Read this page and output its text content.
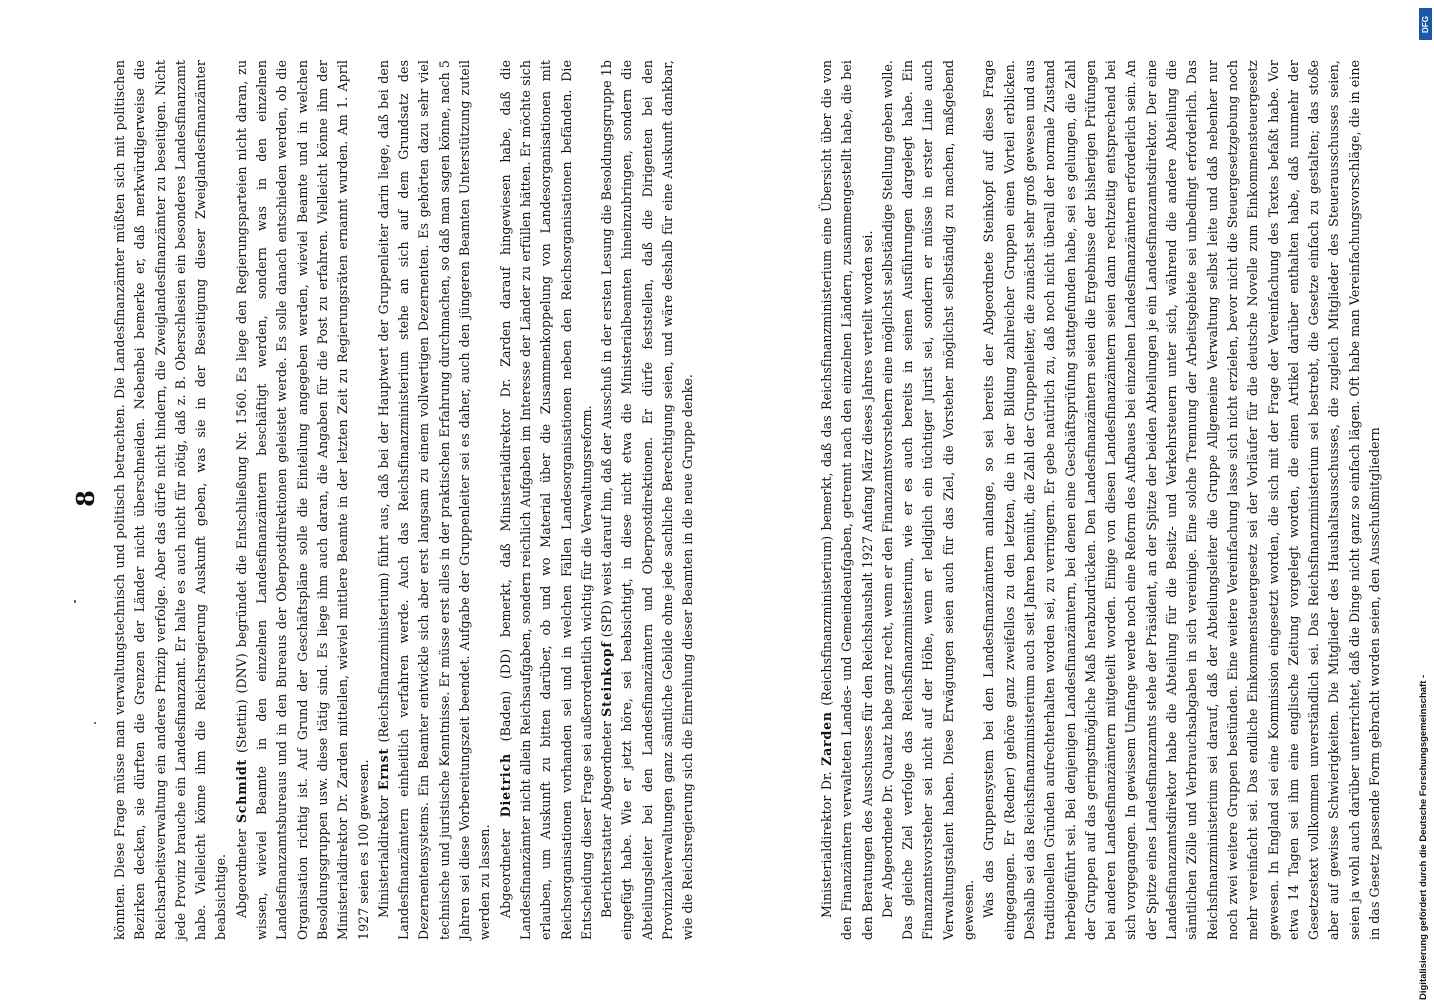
könnten. Diese Frage müsse man verwaltungstechnisch und politisch betrachten. Die Landesfinanzämter müßten sich mit politischen Bezirken decken, sie dürften die Grenzen der Länder nicht überschneiden. Nebenbei bemerke er, daß merkwürdigerweise die Reichsarbeitsverwaltung ein anderes Prinzip verfolge. Aber das dürfe nicht hindern, die Zweiglandesfinanzämter zu beseitigen. Nicht jede Provinz brauche ein Landesfinanzamt. Er halte es auch nicht für nötig, daß z. B. Oberschlesien ein besonderes Landesfinanzamt habe. Vielleicht könne ihm die Reichsregierung Auskunft geben, was sie in der Beseitigung dieser Zweiglandesfinanzämter beabsichtige. Abgeordneter Schmidt (Stettin) (DNV) begründet die Entschließung Nr. 1560. Es liege den Regierungsparteien nicht daran, zu wissen, wieviel Beamte in den einzelnen Landesfinanzämtern beschäftigt werden, sondern was in den einzelnen Landesfinanzamtsbureaus und in den Bureaus der Oberpostdirektionen geleistet werde. Es solle danach entschieden werden, ob die Organisation richtig ist. Auf Grund der Geschäftspläne solle die Einteilung angegeben werden, wieviel Beamte und in welchen Besoldungsgruppen usw. diese tätig sind. Es liege ihm auch daran, die Angaben für die Post zu erfahren. Vielleicht könne ihm der Ministerialdirektor Dr. Zarden mitteilen, wieviel mittlere Beamte in der letzten Zeit zu Regierungsräten ernannt wurden. Am 1. April 1927 seien es 100 gewesen. Ministerialdirektor Ernst (Reichsfinanzministerium) führt aus, daß bei der Hauptwert der Gruppenleiter darin liege, daß bei den Landesfinanzämtern einheitlich verfahren werde. Auch das Reichsfinanzministerium stehe an sich auf dem Grundsatz des Dezernentensystems. Ein Beamter entwickle sich aber erst langsam zu einem vollwertigen Dezernenten. Es gehörten dazu sehr viel technische und juristische Kenntnisse. Er müsse erst alles in der praktischen Erfahrung durchmachen, so daß man sagen könne, nach 5 Jahren sei diese Vorbereitungszeit beendet. Aufgabe der Gruppenleiter sei es daher, auch den jüngeren Beamten Unterstützung zuteil werden zu lassen. Abgeordneter Dietrich (Baden) (DD) bemerkt, daß Ministerialdirektor Dr. Zarden darauf hingewiesen habe, daß die Landesfinanzämter nicht allein Reichsaufgaben, sondern reichlich Aufgaben im Interesse der Länder zu erfüllen hätten. Er möchte sich erlauben, um Auskunft zu bitten darüber, ob und wo Material über die Zusammenkoppelung von Landesorganisationen mit Reichsorganisationen vorhanden sei und in welchen Fällen Landesorganisationen neben den Reichsorganisationen befänden. Die Entscheidung dieser Frage sei außerordentlich wichtig für die Verwaltungsreform. Berichterstatter Abgeordneter Steinkopf (SPD) weist darauf hin, daß der Ausschuß in der ersten Lesung die Besoldungsgruppe 1b eingefügt habe. Wie er jetzt höre, sei beabsichtigt, in diese nicht etwa die Ministerialbeamten hineinzubringen, sondern die Abteilungsleiter bei den Landesfinanzämtern und Oberpostdirektionen. Er dürfe feststellen, daß die Dirigenten bei den Provinzialverwaltungen ganz sämtliche Gebilde ohne jede sachliche Berechtigung seien, und wäre deshalb für eine Auskunft dankbar, wie die Reichsregierung sich die Einreihung dieser Beamten in die neue Gruppe denke.

8

Ministerialdirektor Dr. Zarden (Reichsfinanzministerium) bemerkt, daß das Reichsfinanzministerium eine Übersicht über die von den Finanzämtern verwalteten Landes- und Gemeindeaufgaben, getrennt nach den einzelnen Ländern, zusammengestellt habe, die bei den Beratungen des Ausschusses für den Reichshaushalt 1927 Anfang März dieses Jahres verteilt worden sei. Der Abgeordnete Dr. Quaatz habe ganz recht, wenn er den Finanzamtsvorstehern eine möglichst selbständige Stellung geben wolle. Das gleiche Ziel verfolge das Reichsfinanzministerium, wie er es auch bereits in seinen Ausführungen dargelegt habe. Ein Finanzamtsvorsteher sei nicht auf der Höhe, wenn er lediglich ein tüchtiger Jurist sei, sondern er müsse in erster Linie auch Verwaltungstalent haben. Diese Erwägungen seien auch für das Ziel, die Vorsteher möglichst selbständig zu machen, maßgebend gewesen. Was das Gruppensystem bei den Landesfinanzämtern anlange, so sei bereits der Abgeordnete Steinkopf auf diese Frage eingegangen. Er (Redner) gehöre ganz zweifellos zu den letzten, die in der Bildung zahlreicher Gruppen einen Vorteil erblicken. Deshalb sei das Reichsfinanzministerium auch seit Jahren bemüht, die Zahl der Gruppenleiter, die zunächst sehr groß gewesen und aus traditionellen Gründen aufrechterhalten worden sei, zu verringern. Er gebe natürlich zu, daß noch nicht überall der normale Zustand herbeigeführt sei. Bei denjenigen Landesfinanzämtern, bei denen eine Geschäftsprüfung stattgefunden habe, sei es gelungen, die Zahl der Gruppen auf das geringstmögliche Maß herabzudrücken. Den Landesfinanzämtern seien die Ergebnisse der bisherigen Prüfungen bei anderen Landesfinanzämtern mitgeteilt worden. Einige von diesen Landesfinanzämtern seien dann rechtzeitig entsprechend bei sich vorgegangen. In gewissem Umfange werde noch eine Reform des Aufbaues bei einzelnen Landesfinanzämtern erforderlich sein. An der Spitze eines Landesfinanzamts stehe der Präsident, an der Spitze der beiden Abteilungen je ein Landesfinanzamtsdirektor. Der eine Landesfinanzamtsdirektor habe die Abteilung für die Besitz- und Verkehrsteuern unter sich, während die andere Abteilung die sämtlichen Zölle und Verbrauchsabgaben in sich vereinige. Eine solche Trennung der Arbeitsgebiete sei unbedingt erforderlich. Das Reichsfinanzministerium sei darauf, daß der Abteilungsleiter die Gruppe Allgemeine Verwaltung selbst leite und daß nebenher nur noch zwei weitere Gruppen bestünden. Eine weitere Vereinfachung lasse sich nicht erzielen, bevor nicht die Steuergesetzgebung noch mehr vereinfacht sei. Das endliche Einkommensteuergesetz sei der Vorläufer für die deutsche Novelle zum Einkommensteuergesetz gewesen. In England sei eine Kommission eingesetzt worden, die sich mit der Frage der Vereinfachung des Textes befaßt habe. Vor etwa 14 Tagen sei ihm eine englische Zeitung vorgelegt worden, die einen Artikel darüber enthalten habe, daß nunmehr der Gesetzestext vollkommen unverständlich sei. Das Reichsfinanzministerium sei bestrebt, die Gesetze einfach zu gestalten; das stoße aber auf gewisse Schwierigkeiten. Die Mitglieder des Haushaltsausschusses, die zugleich Mitglieder des Steuerausschusses seien, seien ja wohl auch darüber unterrichtet, daß die Dinge nicht ganz so einfach lägen. Oft habe man Vereinfachungsvorschläge, die in eine in das Gesetz passende Form gebracht worden seien, den Ausschußmitgliedern	Digitalisierung gefördert durch die Deutsche Forschungsgemeinschaft -
DFG
